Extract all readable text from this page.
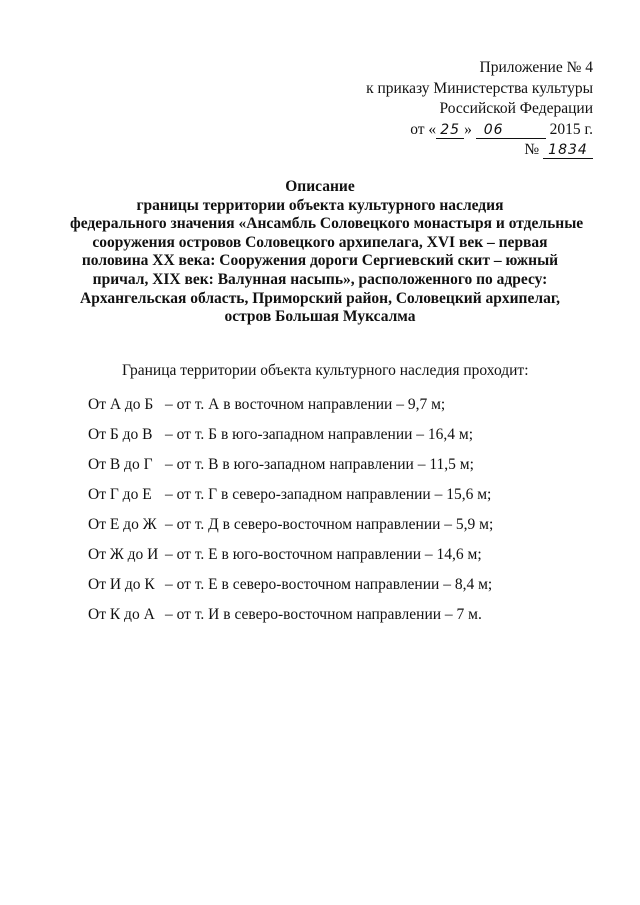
Приложение № 4
к приказу Министерства культуры
Российской Федерации
от « 25 » 06	2015 г.
№ 1834
Описание
границы территории объекта культурного наследия
федерального значения «Ансамбль Соловецкого монастыря и отдельные
сооружения островов Соловецкого архипелага, XVI век – первая
половина XX века: Сооружения дороги Сергиевский скит – южный
причал, XIX век: Валунная насыпь», расположенного по адресу:
Архангельская область, Приморский район, Соловецкий архипелаг,
остров Большая Муксалма
Граница территории объекта культурного наследия проходит:
От А до Б – от т. А в восточном направлении – 9,7 м;
От Б до В – от т. Б в юго-западном направлении – 16,4 м;
От В до Г – от т. В в юго-западном направлении – 11,5 м;
От Г до Е – от т. Г в северо-западном направлении – 15,6 м;
От Е до Ж – от т. Д в северо-восточном направлении – 5,9 м;
От Ж до И – от т. Е в юго-восточном направлении – 14,6 м;
От И до К – от т. Е в северо-восточном направлении – 8,4 м;
От К до А – от т. И в северо-восточном направлении – 7 м.
